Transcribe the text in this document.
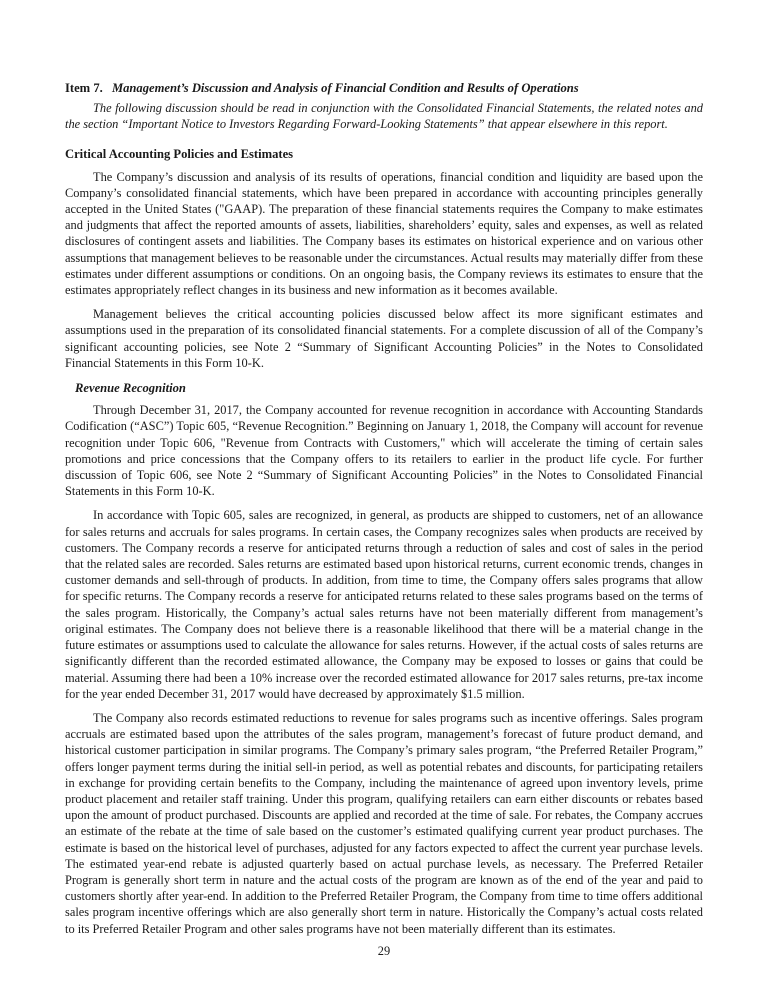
Item 7. Management’s Discussion and Analysis of Financial Condition and Results of Operations

The following discussion should be read in conjunction with the Consolidated Financial Statements, the related notes and the section “Important Notice to Investors Regarding Forward-Looking Statements” that appear elsewhere in this report.

Critical Accounting Policies and Estimates

The Company’s discussion and analysis of its results of operations, financial condition and liquidity are based upon the Company’s consolidated financial statements, which have been prepared in accordance with accounting principles generally accepted in the United States ("GAAP). The preparation of these financial statements requires the Company to make estimates and judgments that affect the reported amounts of assets, liabilities, shareholders’ equity, sales and expenses, as well as related disclosures of contingent assets and liabilities. The Company bases its estimates on historical experience and on various other assumptions that management believes to be reasonable under the circumstances. Actual results may materially differ from these estimates under different assumptions or conditions. On an ongoing basis, the Company reviews its estimates to ensure that the estimates appropriately reflect changes in its business and new information as it becomes available.

Management believes the critical accounting policies discussed below affect its more significant estimates and assumptions used in the preparation of its consolidated financial statements. For a complete discussion of all of the Company’s significant accounting policies, see Note 2 “Summary of Significant Accounting Policies” in the Notes to Consolidated Financial Statements in this Form 10-K.

Revenue Recognition

Through December 31, 2017, the Company accounted for revenue recognition in accordance with Accounting Standards Codification (“ASC”) Topic 605, “Revenue Recognition.” Beginning on January 1, 2018, the Company will account for revenue recognition under Topic 606, "Revenue from Contracts with Customers," which will accelerate the timing of certain sales promotions and price concessions that the Company offers to its retailers to earlier in the product life cycle. For further discussion of Topic 606, see Note 2 “Summary of Significant Accounting Policies” in the Notes to Consolidated Financial Statements in this Form 10-K.

In accordance with Topic 605, sales are recognized, in general, as products are shipped to customers, net of an allowance for sales returns and accruals for sales programs. In certain cases, the Company recognizes sales when products are received by customers. The Company records a reserve for anticipated returns through a reduction of sales and cost of sales in the period that the related sales are recorded. Sales returns are estimated based upon historical returns, current economic trends, changes in customer demands and sell-through of products. In addition, from time to time, the Company offers sales programs that allow for specific returns. The Company records a reserve for anticipated returns related to these sales programs based on the terms of the sales program. Historically, the Company’s actual sales returns have not been materially different from management’s original estimates. The Company does not believe there is a reasonable likelihood that there will be a material change in the future estimates or assumptions used to calculate the allowance for sales returns. However, if the actual costs of sales returns are significantly different than the recorded estimated allowance, the Company may be exposed to losses or gains that could be material. Assuming there had been a 10% increase over the recorded estimated allowance for 2017 sales returns, pre-tax income for the year ended December 31, 2017 would have decreased by approximately $1.5 million.

The Company also records estimated reductions to revenue for sales programs such as incentive offerings. Sales program accruals are estimated based upon the attributes of the sales program, management’s forecast of future product demand, and historical customer participation in similar programs. The Company’s primary sales program, “the Preferred Retailer Program,” offers longer payment terms during the initial sell-in period, as well as potential rebates and discounts, for participating retailers in exchange for providing certain benefits to the Company, including the maintenance of agreed upon inventory levels, prime product placement and retailer staff training. Under this program, qualifying retailers can earn either discounts or rebates based upon the amount of product purchased. Discounts are applied and recorded at the time of sale. For rebates, the Company accrues an estimate of the rebate at the time of sale based on the customer’s estimated qualifying current year product purchases. The estimate is based on the historical level of purchases, adjusted for any factors expected to affect the current year purchase levels. The estimated year-end rebate is adjusted quarterly based on actual purchase levels, as necessary. The Preferred Retailer Program is generally short term in nature and the actual costs of the program are known as of the end of the year and paid to customers shortly after year-end. In addition to the Preferred Retailer Program, the Company from time to time offers additional sales program incentive offerings which are also generally short term in nature. Historically the Company’s actual costs related to its Preferred Retailer Program and other sales programs have not been materially different than its estimates.

29
